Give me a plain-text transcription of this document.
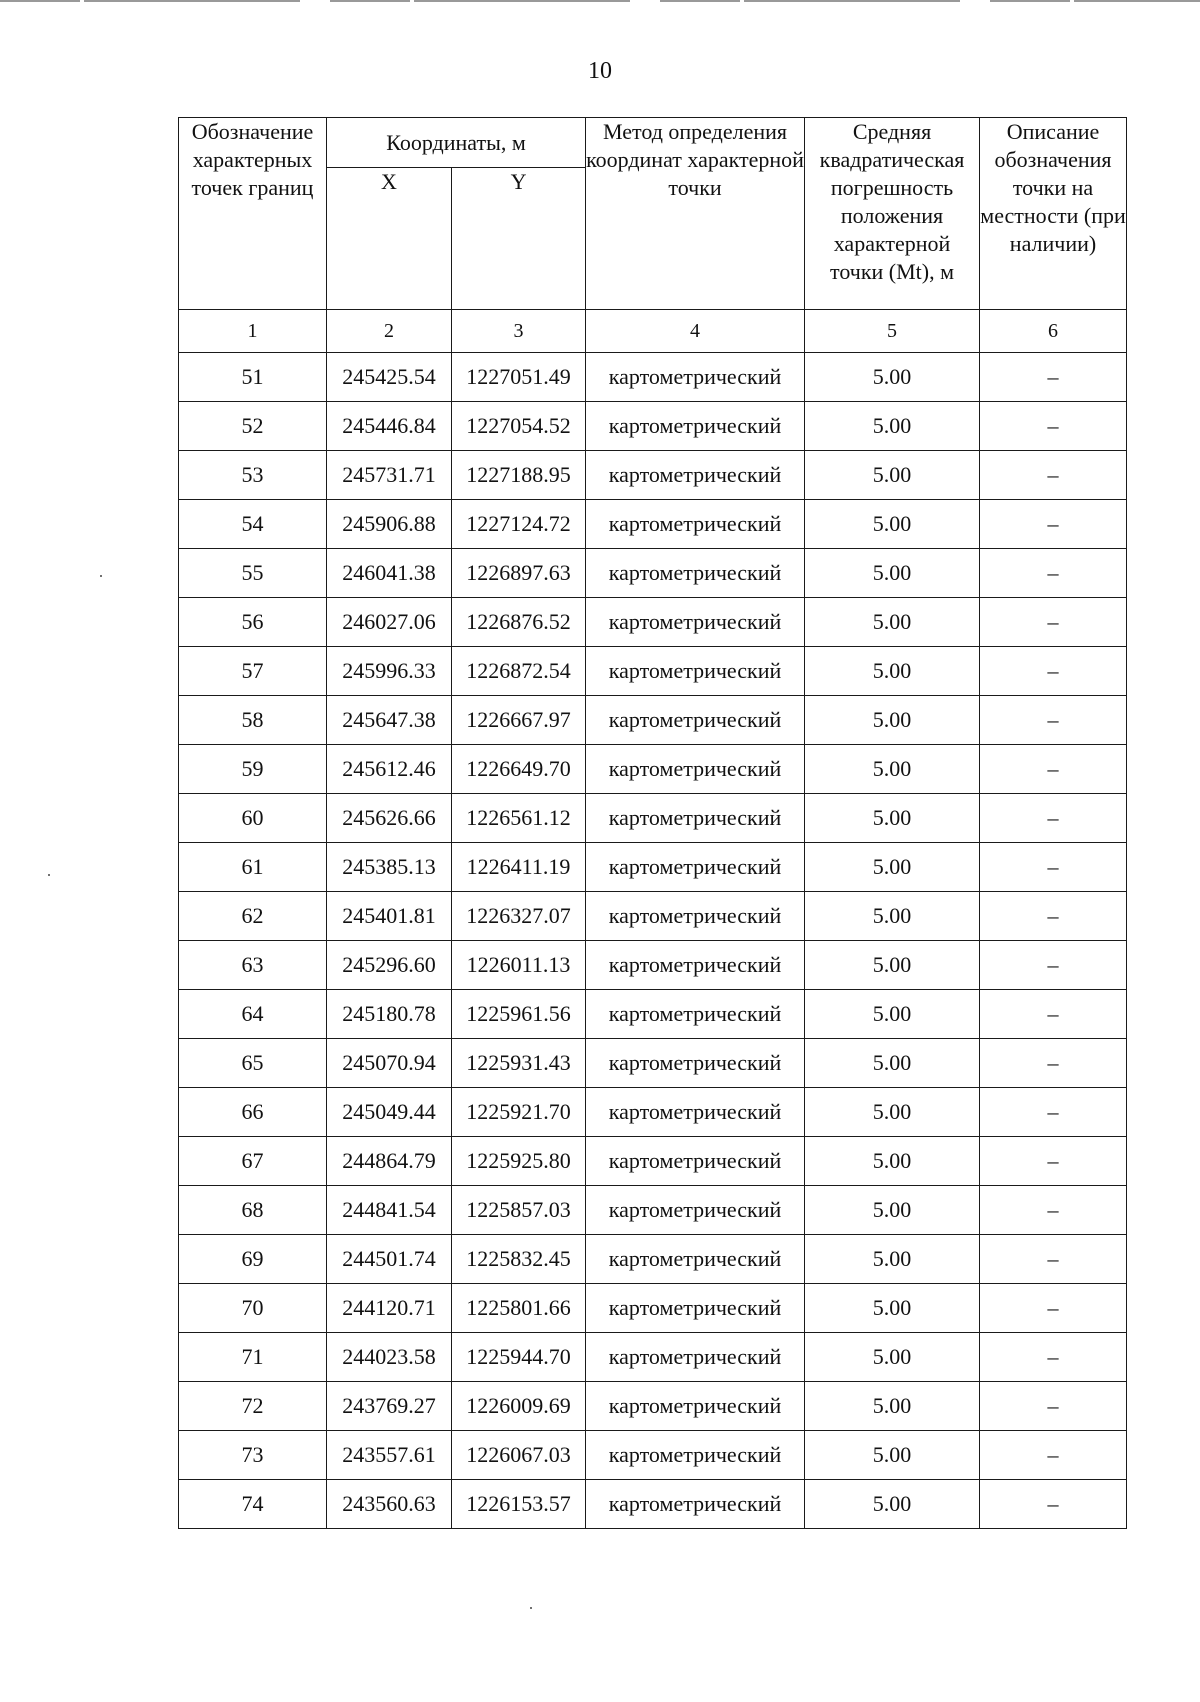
10
Обозначение характерных точек границ	Координаты, м		Метод определения координат характерной точки	Средняя квадратическая погрешность положения характерной точки (Mt), м	Описание обозначения точки на местности (при наличии)
	X	Y			
1	2	3	4	5	6
51	245425.54	1227051.49	картометрический	5.00	–
52	245446.84	1227054.52	картометрический	5.00	–
53	245731.71	1227188.95	картометрический	5.00	–
54	245906.88	1227124.72	картометрический	5.00	–
55	246041.38	1226897.63	картометрический	5.00	–
56	246027.06	1226876.52	картометрический	5.00	–
57	245996.33	1226872.54	картометрический	5.00	–
58	245647.38	1226667.97	картометрический	5.00	–
59	245612.46	1226649.70	картометрический	5.00	–
60	245626.66	1226561.12	картометрический	5.00	–
61	245385.13	1226411.19	картометрический	5.00	–
62	245401.81	1226327.07	картометрический	5.00	–
63	245296.60	1226011.13	картометрический	5.00	–
64	245180.78	1225961.56	картометрический	5.00	–
65	245070.94	1225931.43	картометрический	5.00	–
66	245049.44	1225921.70	картометрический	5.00	–
67	244864.79	1225925.80	картометрический	5.00	–
68	244841.54	1225857.03	картометрический	5.00	–
69	244501.74	1225832.45	картометрический	5.00	–
70	244120.71	1225801.66	картометрический	5.00	–
71	244023.58	1225944.70	картометрический	5.00	–
72	243769.27	1226009.69	картометрический	5.00	–
73	243557.61	1226067.03	картометрический	5.00	–
74	243560.63	1226153.57	картометрический	5.00	–
